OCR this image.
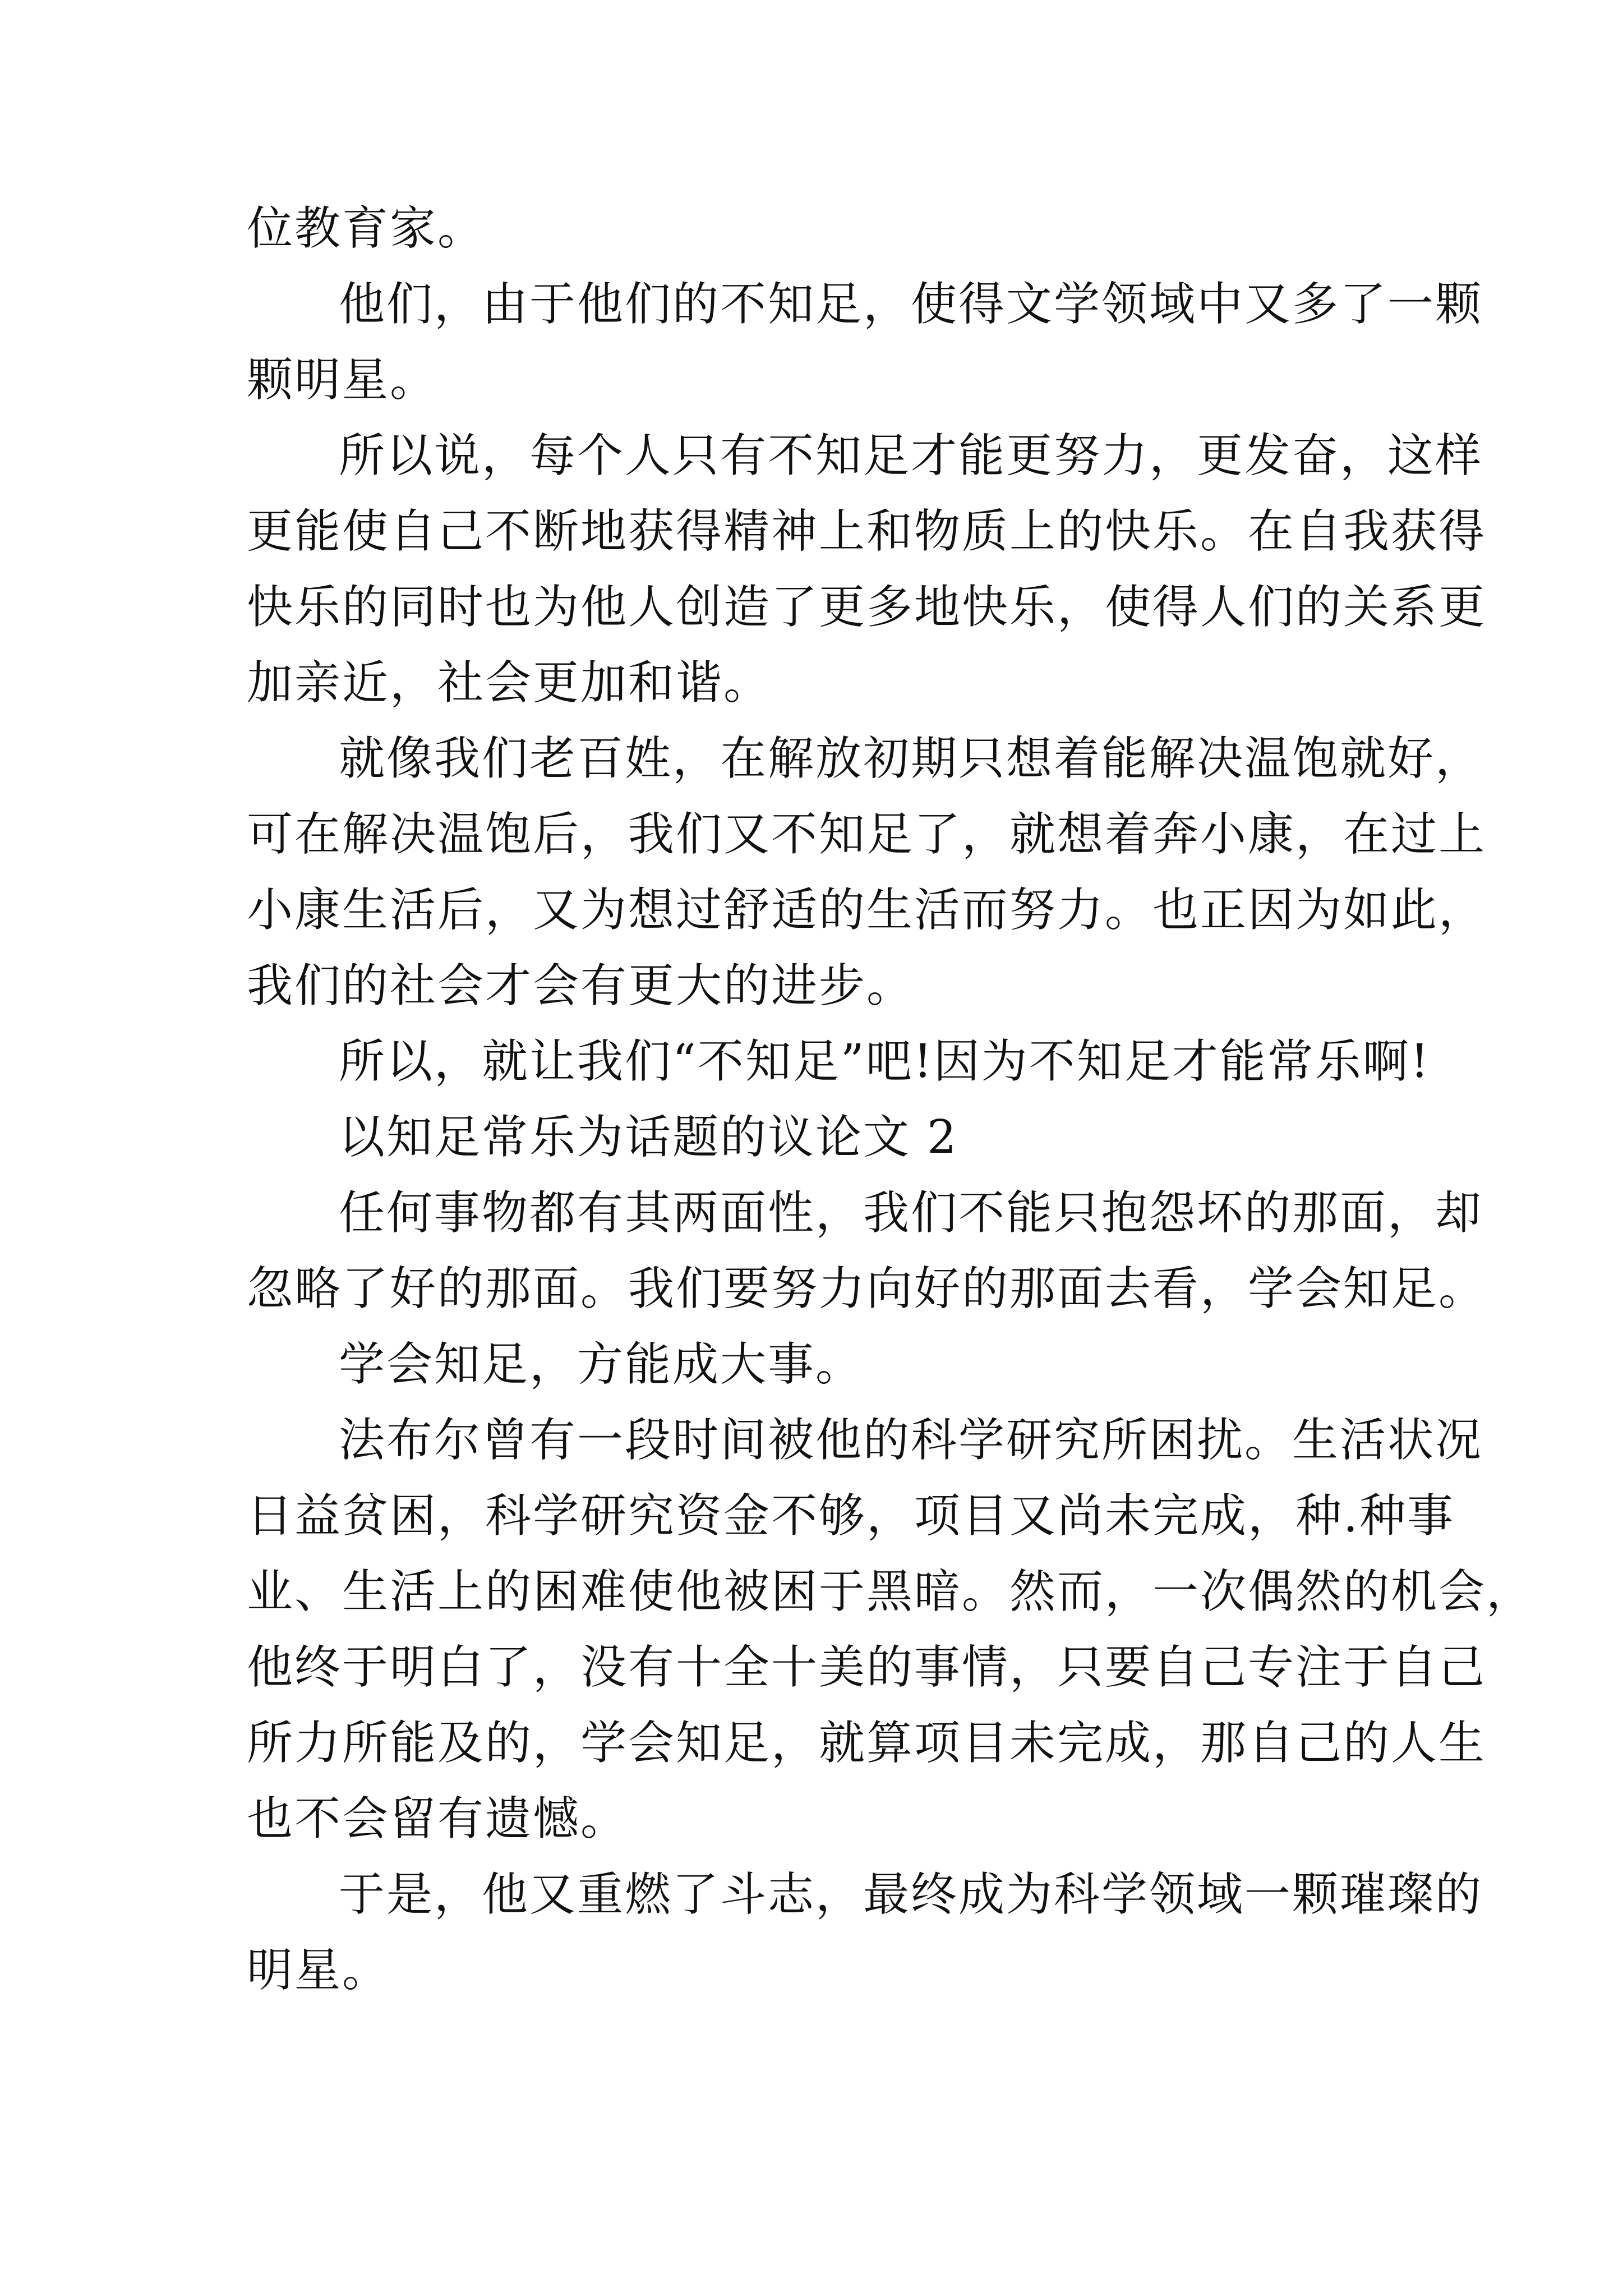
位教育家。

他们，由于他们的不知足，使得文学领域中又多了一颗
颗明星。

所以说，每个人只有不知足才能更努力，更发奋，这样
更能使自己不断地获得精神上和物质上的快乐。在自我获得
快乐的同时也为他人创造了更多地快乐，使得人们的关系更
加亲近，社会更加和谐。

就像我们老百姓，在解放初期只想着能解决温饱就好，
可在解决温饱后，我们又不知足了，就想着奔小康，在过上
小康生活后，又为想过舒适的生活而努力。也正因为如此，
我们的社会才会有更大的进步。

所以，就让我们“不知足”吧!因为不知足才能常乐啊!

以知足常乐为话题的议论文 2

任何事物都有其两面性，我们不能只抱怨坏的那面，却
忽略了好的那面。我们要努力向好的那面去看，学会知足。

学会知足，方能成大事。

法布尔曾有一段时间被他的科学研究所困扰。生活状况
日益贫困，科学研究资金不够，项目又尚未完成，种.种事
业、生活上的困难使他被困于黑暗。然而，一次偶然的机会，
他终于明白了，没有十全十美的事情，只要自己专注于自己
所力所能及的，学会知足，就算项目未完成，那自己的人生
也不会留有遗憾。

于是，他又重燃了斗志，最终成为科学领域一颗璀璨的
明星。
